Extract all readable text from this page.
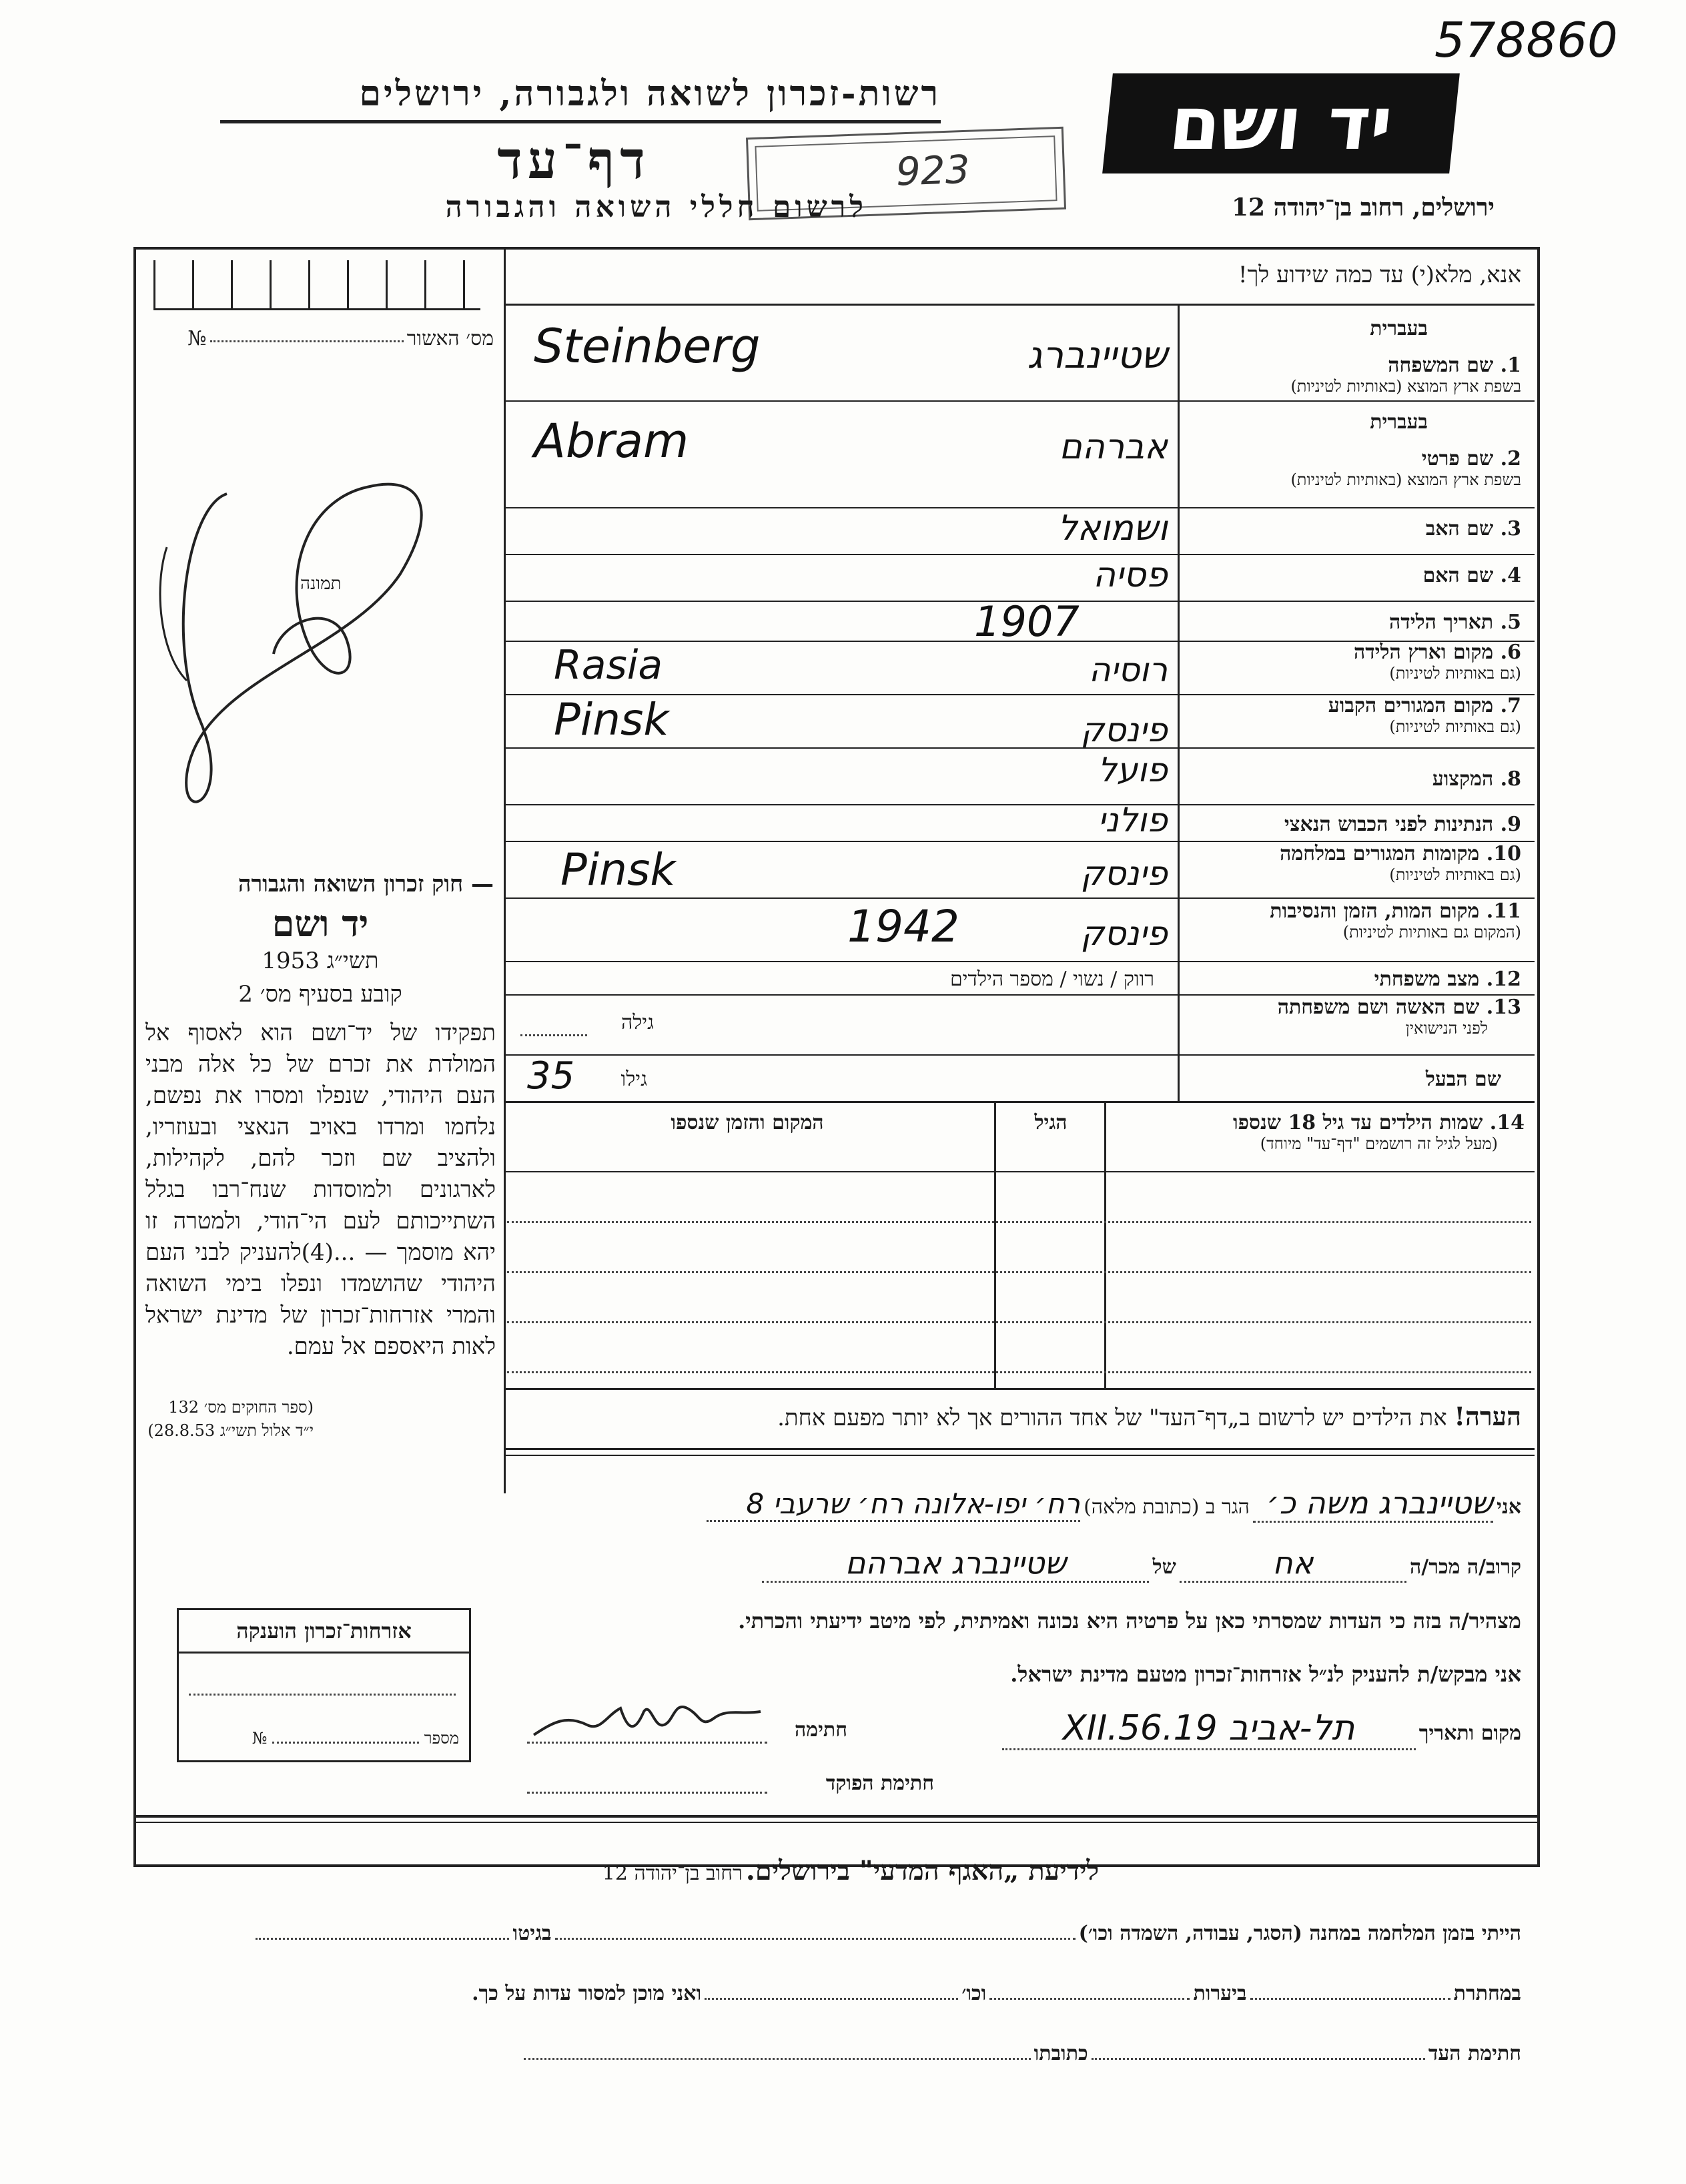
578860
רשות-זכרון לשואה ולגבורה, ירושלים
דף־עד	923
לרשום חללי השואה והגבורה
יד ושם
ירושלים, רחוב בן־יהודה 12
מס׳ האשור  №
תמונה
— חוק זכרון השואה והגבורה
יד ושם
תשי״ג 1953
קובע בסעיף מס׳ 2
תפקידו של יד־ושם הוא לאסוף אל המולדת את זכרם של כל אלה מבני העם היהודי, שנפלו ומסרו את נפשם, נלחמו ומרדו באויב הנאצי ובעוזריו, ולהציב שם וזכר להם, לקהילות, לארגונים ולמוסדות שנח־רבו בגלל השתייכותם לעם הי־הודי, ולמטרה זו יהא מוסמך — ...(4)להעניק לבני העם היהודי שהושמדו ונפלו בימי השואה והמרי אזרחות־זכרון של מדינת ישראל לאות היאספם אל עמם.
(ספר החוקים מס׳ 132
י״ד אלול תשי״ג 28.8.53)
אזרחות־זכרון הוענקה
מספר  №
אנא, מלא(י) עד כמה שידוע לך!
בעברית
1. שם המשפחה
בשפת ארץ המוצא (באותיות לטיניות)
Steinberg	שטיינברג
בעברית
2. שם פרטי
בשפת ארץ המוצא (באותיות לטיניות)
Abram	אברהם
3. שם האב
ושמואל
4. שם האם
פסיה
5. תאריך הלידה
1907
6. מקום וארץ הלידה
(גם באותיות לטיניות)
Rasia	רוסיה
7. מקום המגורים הקבוע
(גם באותיות לטיניות)
Pinsk	פינסק
8. המקצוע
פועל
9. הנתינות לפני הכבוש הנאצי
פולני
10. מקומות המגורים במלחמה
(גם באותיות לטיניות)
Pinsk	פינסק
11. מקום המות, הזמן והנסיבות
(המקום גם באותיות לטיניות)
1942	פינסק
12. מצב משפחתי
רווק / נשוי / מספר הילדים
13. שם האשה ושם משפחתה
לפני הנישואין
גילה
שם הבעל
גילו
35
14. שמות הילדים עד גיל 18 שנספו
(מעל לגיל זה רושמים "דף־עד" מיוחד)
הגיל
המקום והזמן שנספו
הערה! את הילדים יש לרשום ב„דף־העד" של אחד ההורים אך לא יותר מפעם אחת.
אני שטיינברג משה כ׳ הגר ב (כתובת מלאה) רח׳ יפו-אלונה רח׳ שרעבי 8
קרוב/ה מכר/ה אח של שטיינברג אברהם
מצהיר/ה בזה כי העדות שמסרתי כאן על פרטיה היא נכונה ואמיתית, לפי מיטב ידיעתי והכרתי.
אני מבקש/ת להעניק לנ״ל אזרחות־זכרון מטעם מדינת ישראל.
מקום ותאריך תל-אביב 19.XII.56
חתימה
חתימת הפוקד
לידיעת „האגף המדעי" בירושלים. רחוב בן־יהודה 12
הייתי בזמן המלחמה במחנה (הסגר, עבודה, השמדה וכו׳)  בגיטו
במחתרת  ביערות  וכו׳  ואני מוכן למסור עדות על כך.
חתימת העד  כתובתו
